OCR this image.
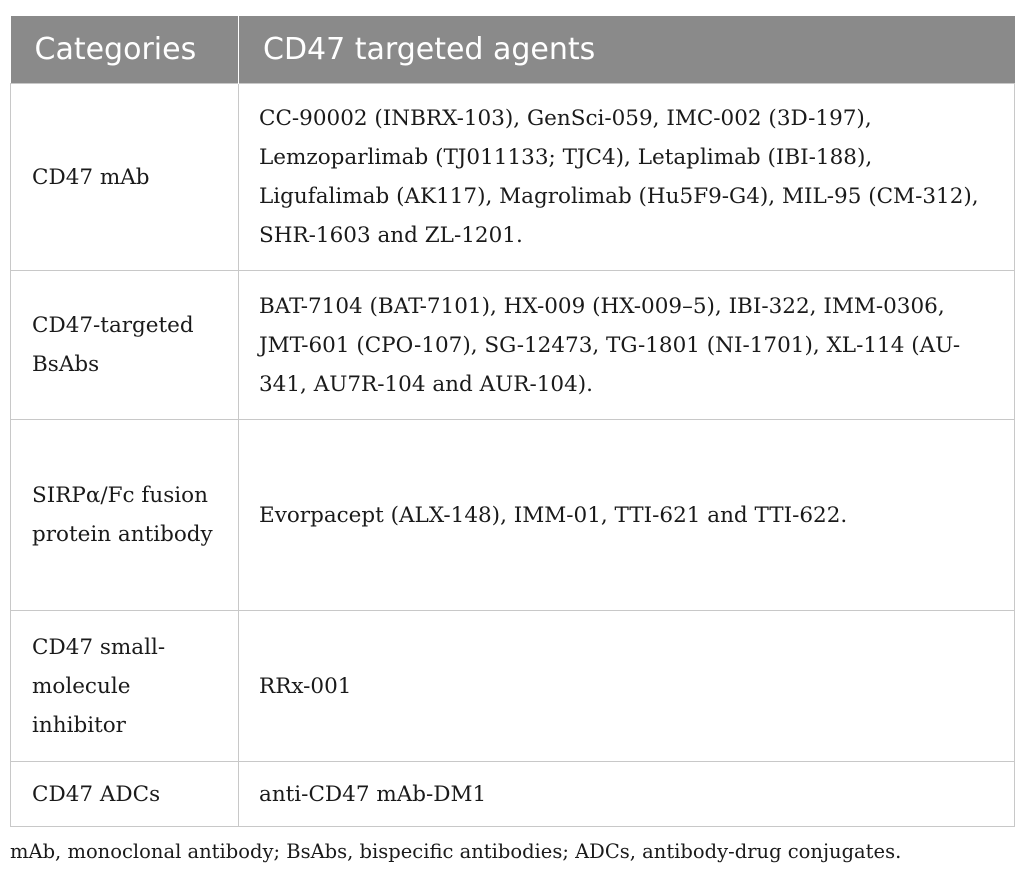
Categories	CD47 targeted agents
CD47 mAb	CC-90002 (INBRX-103), GenSci-059, IMC-002 (3D-197), Lemzoparlimab (TJ011133; TJC4), Letaplimab (IBI-188), Ligufalimab (AK117), Magrolimab (Hu5F9-G4), MIL-95 (CM-312), SHR-1603 and ZL-1201.
CD47-targeted BsAbs	BAT-7104 (BAT-7101), HX-009 (HX-009–5), IBI-322, IMM-0306, JMT-601 (CPO-107), SG-12473, TG-1801 (NI-1701), XL-114 (AU-341, AU7R-104 and AUR-104).
SIRPα/Fc fusion protein antibody	Evorpacept (ALX-148), IMM-01, TTI-621 and TTI-622.
CD47 small-molecule inhibitor	RRx-001
CD47 ADCs	anti-CD47 mAb-DM1
mAb, monoclonal antibody; BsAbs, bispecific antibodies; ADCs, antibody-drug conjugates.
